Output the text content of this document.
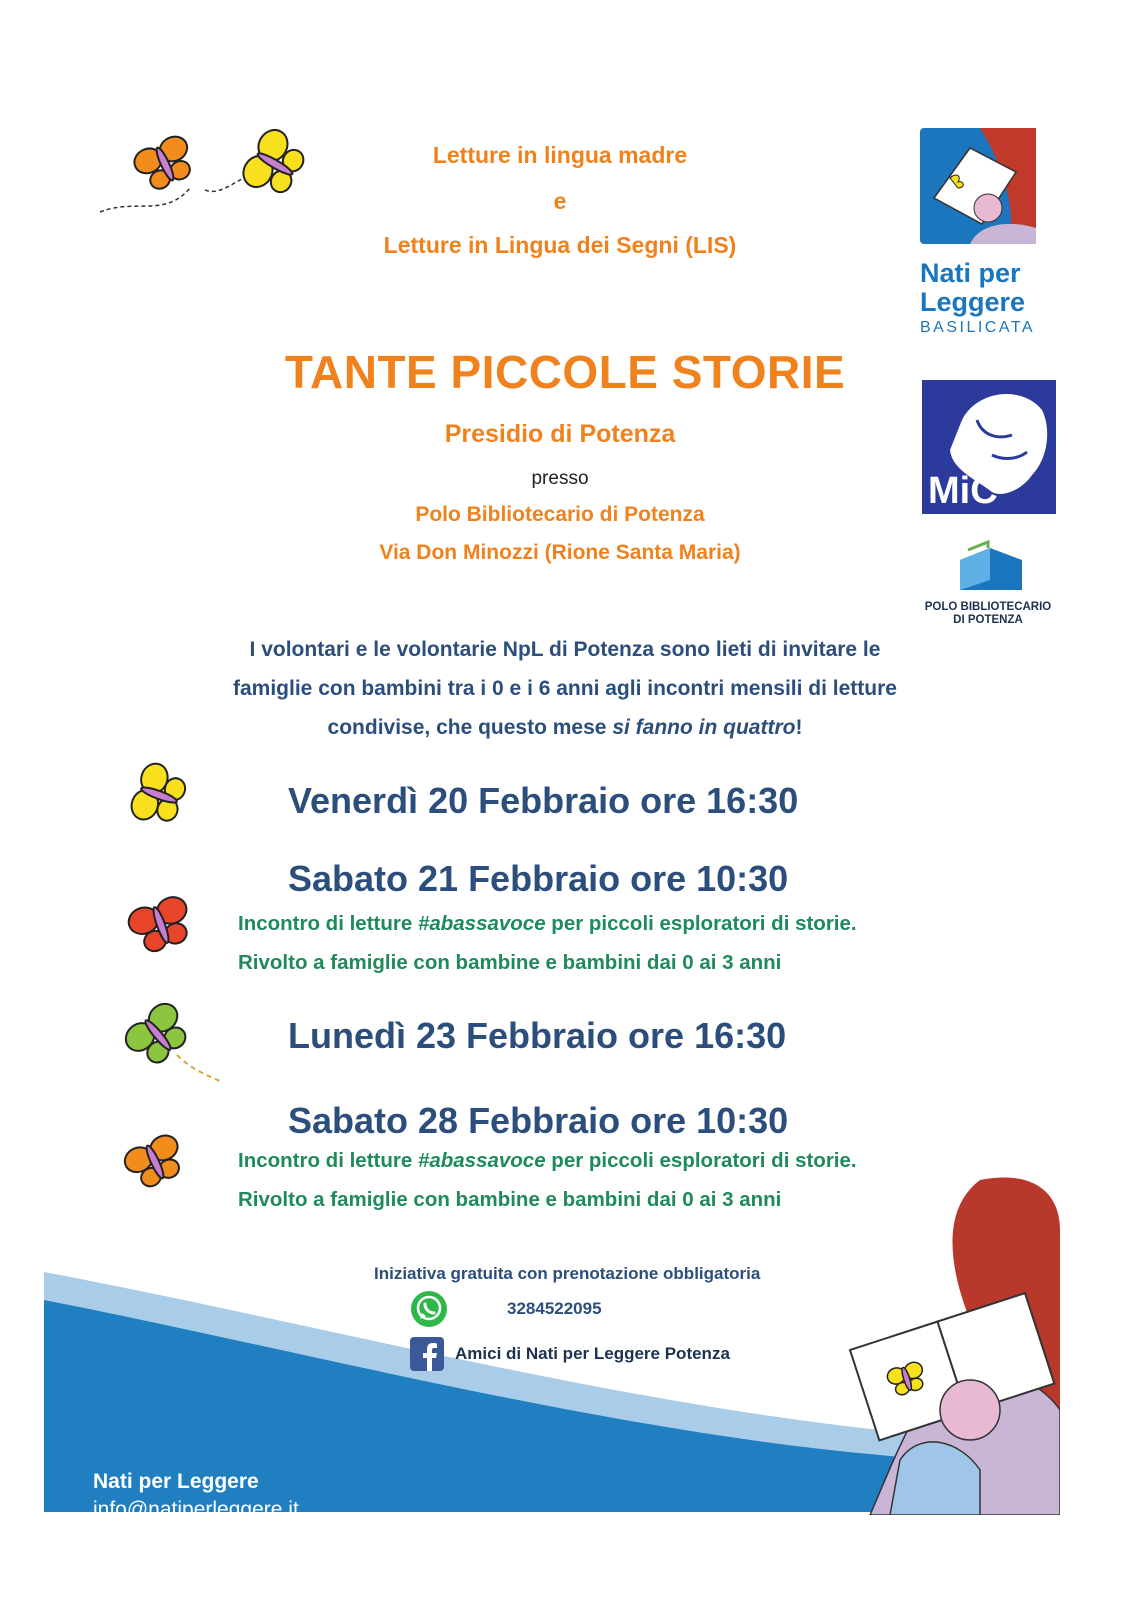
Letture in lingua madre
e
Letture in Lingua dei Segni (LIS)
TANTE PICCOLE STORIE
Presidio di Potenza
presso
Polo Bibliotecario di Potenza
Via Don Minozzi (Rione Santa Maria)
I volontari e le volontarie NpL di Potenza sono lieti di invitare le
famiglie con bambini tra i 0 e i 6 anni agli incontri mensili di letture
condivise, che questo mese si fanno in quattro!
Venerdì 20 Febbraio ore 16:30
Sabato 21 Febbraio ore 10:30
Incontro di letture #abassavoce per piccoli esploratori di storie.
Rivolto a famiglie con bambine e bambini dai 0 ai 3 anni
Lunedì 23 Febbraio ore 16:30
Sabato 28 Febbraio ore 10:30
Incontro di letture #abassavoce per piccoli esploratori di storie.
Rivolto a famiglie con bambine e bambini dai 0 ai 3 anni
Iniziativa gratuita con prenotazione obbligatoria
3284522095
Amici di Nati per Leggere Potenza
Nati per Leggere
info@natiperleggere.it
Nati per
Leggere
BASILICATA
MiC
POLO BIBLIOTECARIO
DI POTENZA
